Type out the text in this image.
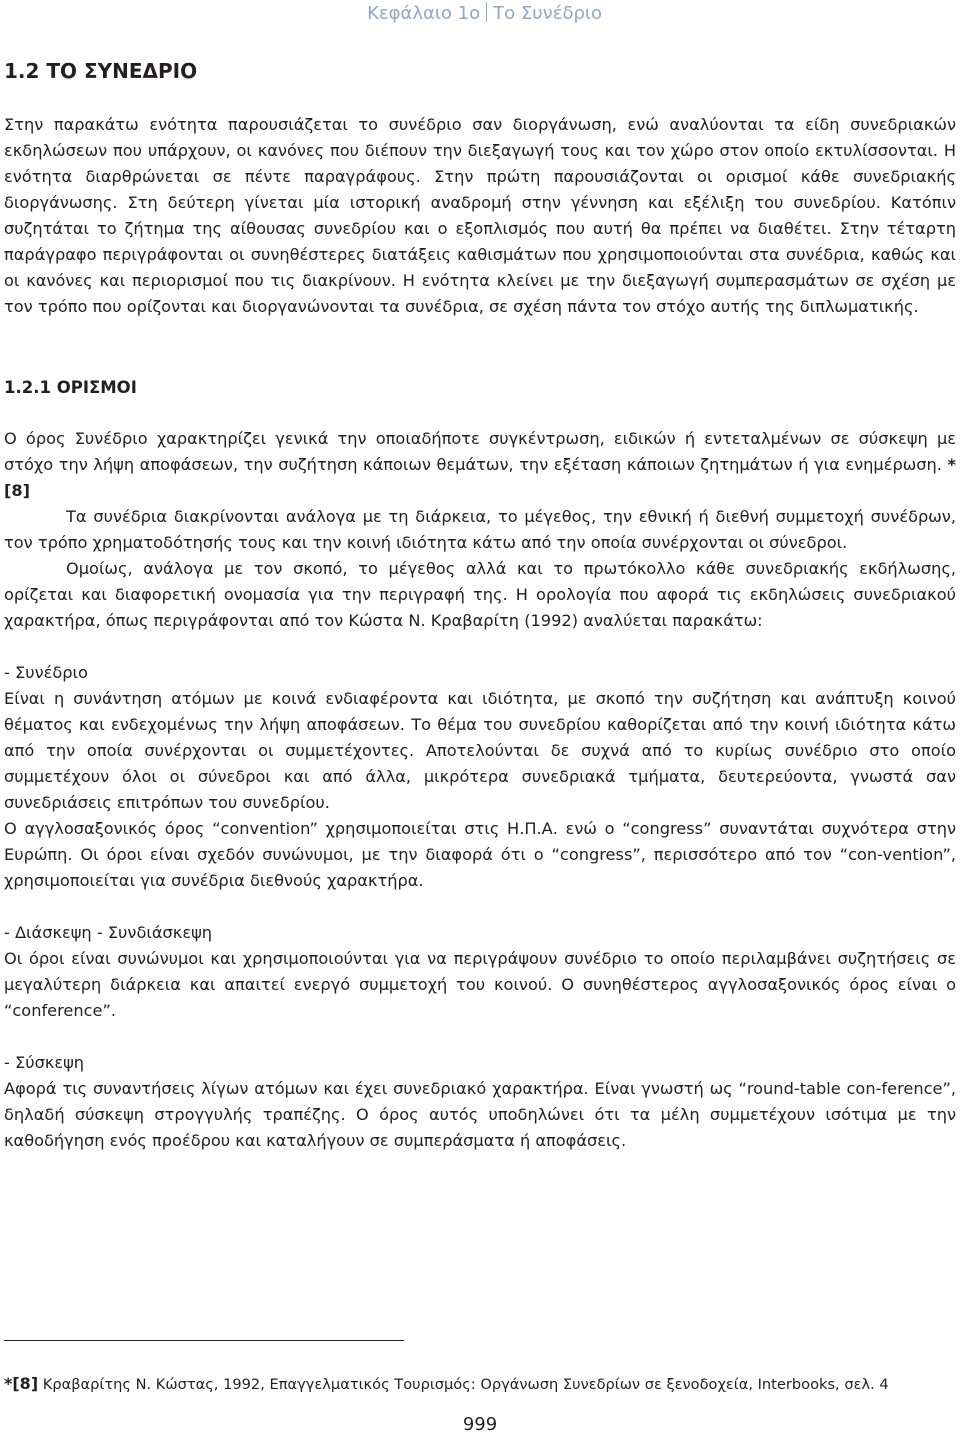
Κεφάλαιο 1ο Το Συνέδριο
1.2 ΤΟ ΣΥΝΕΔΡΙΟ

Στην παρακάτω ενότητα παρουσιάζεται το συνέδριο σαν διοργάνωση, ενώ αναλύονται τα είδη συνεδριακών εκδηλώσεων που υπάρχουν, οι κανόνες που διέπουν την διεξαγωγή τους και τον χώρο στον οποίο εκτυλίσσονται. Η ενότητα διαρθρώνεται σε πέντε παραγράφους. Στην πρώτη παρουσιάζονται οι ορισμοί κάθε συνεδριακής διοργάνωσης. Στη δεύτερη γίνεται μία ιστορική αναδρομή στην γέννηση και εξέλιξη του συνεδρίου. Κατόπιν συζητάται το ζήτημα της αίθουσας συνεδρίου και ο εξοπλισμός που αυτή θα πρέπει να διαθέτει. Στην τέταρτη παράγραφο περιγράφονται οι συνηθέστερες διατάξεις καθισμάτων που χρησιμοποιούνται στα συνέδρια, καθώς και οι κανόνες και περιορισμοί που τις διακρίνουν. Η ενότητα κλείνει με την διεξαγωγή συμπερασμάτων σε σχέση με τον τρόπο που ορίζονται και διοργανώνονται τα συνέδρια, σε σχέση πάντα τον στόχο αυτής της διπλωματικής.

1.2.1 ΟΡΙΣΜΟΙ

Ο όρος Συνέδριο χαρακτηρίζει γενικά την οποιαδήποτε συγκέντρωση, ειδικών ή εντεταλμένων σε σύσκεψη με στόχο την λήψη αποφάσεων, την συζήτηση κάποιων θεμάτων, την εξέταση κάποιων ζητημάτων ή για ενημέρωση. *[8]

Τα συνέδρια διακρίνονται ανάλογα με τη διάρκεια, το μέγεθος, την εθνική ή διεθνή συμμετοχή συνέδρων, τον τρόπο χρηματοδότησής τους και την κοινή ιδιότητα κάτω από την οποία συνέρχονται οι σύνεδροι.

Ομοίως, ανάλογα με τον σκοπό, το μέγεθος αλλά και το πρωτόκολλο κάθε συνεδριακής εκδήλωσης, ορίζεται και διαφορετική ονομασία για την περιγραφή της. Η ορολογία που αφορά τις εκδηλώσεις συνεδριακού χαρακτήρα, όπως περιγράφονται από τον Κώστα Ν. Κραβαρίτη (1992) αναλύεται παρακάτω:

- Συνέδριο

Είναι η συνάντηση ατόμων με κοινά ενδιαφέροντα και ιδιότητα, με σκοπό την συζήτηση και ανάπτυξη κοινού θέματος και ενδεχομένως την λήψη αποφάσεων. Το θέμα του συνεδρίου καθορίζεται από την κοινή ιδιότητα κάτω από την οποία συνέρχονται οι συμμετέχοντες. Αποτελούνται δε συχνά από το κυρίως συνέδριο στο οποίο συμμετέχουν όλοι οι σύνεδροι και από άλλα, μικρότερα συνεδριακά τμήματα, δευτερεύοντα, γνωστά σαν συνεδριάσεις επιτρόπων του συνεδρίου.

Ο αγγλοσαξονικός όρος “convention” χρησιμοποιείται στις Η.Π.Α. ενώ ο “congress” συναντάται συχνότερα στην Ευρώπη. Οι όροι είναι σχεδόν συνώνυμοι, με την διαφορά ότι ο “congress”, περισσότερο από τον “con-vention”, χρησιμοποιείται για συνέδρια διεθνούς χαρακτήρα.

- Διάσκεψη - Συνδιάσκεψη

Οι όροι είναι συνώνυμοι και χρησιμοποιούνται για να περιγράψουν συνέδριο το οποίο περιλαμβάνει συζητήσεις σε μεγαλύτερη διάρκεια και απαιτεί ενεργό συμμετοχή του κοινού. Ο συνηθέστερος αγγλοσαξονικός όρος είναι ο “conference”.

- Σύσκεψη

Αφορά τις συναντήσεις λίγων ατόμων και έχει συνεδριακό χαρακτήρα. Είναι γνωστή ως “round-table con-ference”, δηλαδή σύσκεψη στρογγυλής τραπέζης. Ο όρος αυτός υποδηλώνει ότι τα μέλη συμμετέχουν ισότιμα με την καθοδήγηση ενός προέδρου και καταλήγουν σε συμπεράσματα ή αποφάσεις.

*[8] Κραβαρίτης Ν. Κώστας, 1992, Επαγγελματικός Τουρισμός: Οργάνωση Συνεδρίων σε ξενοδοχεία, Interbooks, σελ. 4
999
